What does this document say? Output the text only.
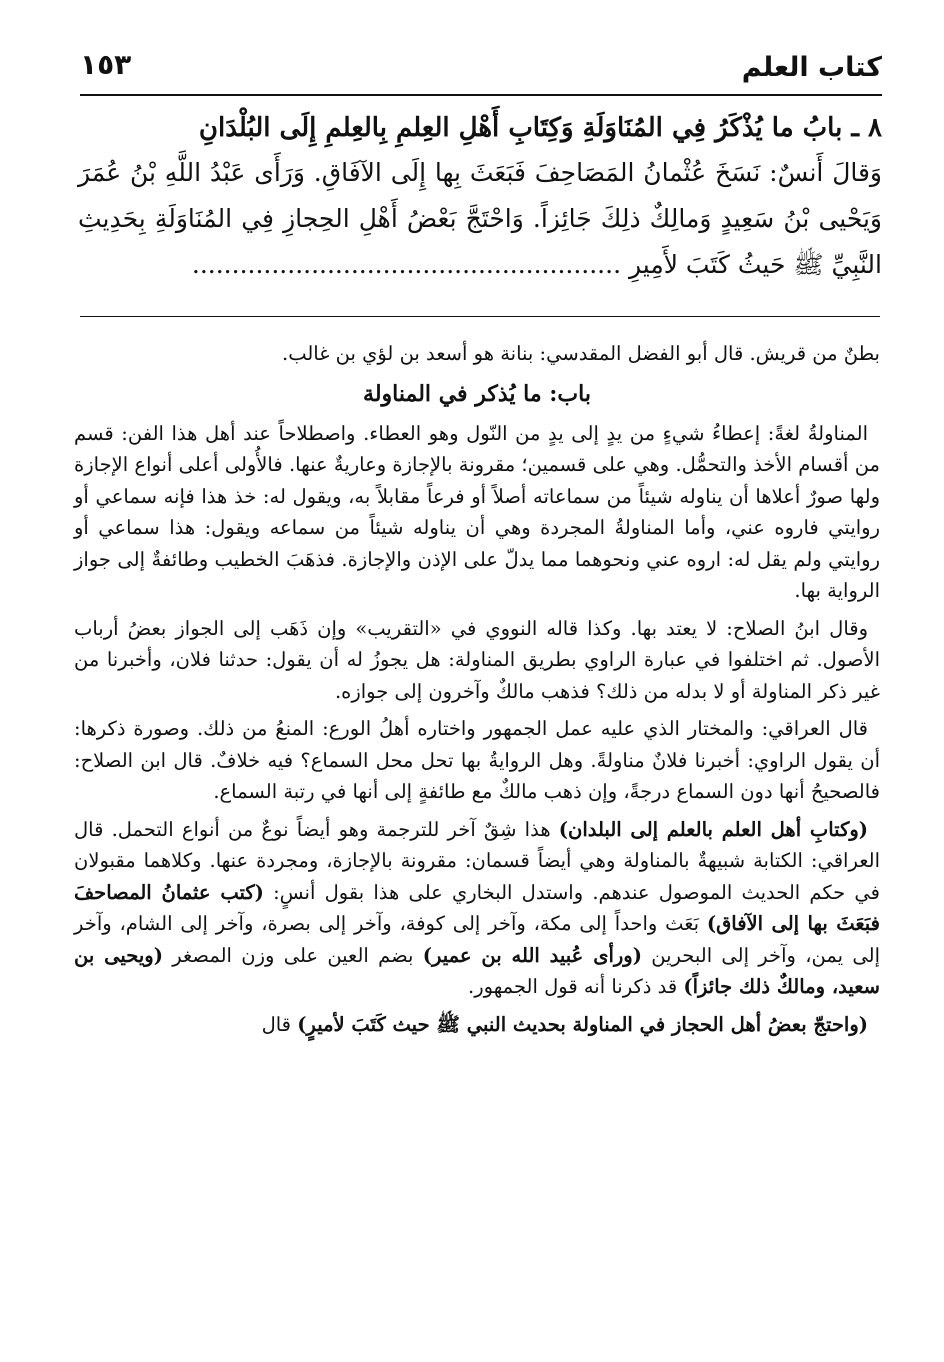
كتاب العلم
١٥٣
٨ ـ بابُ ما يُذْكَرُ فِي المُنَاوَلَةِ وَكِتَابِ أَهْلِ العِلمِ بِالعِلمِ إِلَى البُلْدَانِ
وَقالَ أَنسٌ: نَسَخَ عُثْمانُ المَصَاحِفَ فَبَعَثَ بِها إِلَى الآفَاقِ. وَرَأَى عَبْدُ اللَّهِ بْنُ عُمَرَ وَيَحْيى بْنُ سَعِيدٍ وَمالِكٌ ذلِكَ جَائِزاً. وَاحْتَجَّ بَعْضُ أَهْلِ الحِجازِ فِي المُنَاوَلَةِ بِحَدِيثِ النَّبِيِّ ﷺ حَيثُ كَتَبَ لأَمِيرِ ......................................................

بطنٌ من قريش. قال أبو الفضل المقدسي: بنانة هو أسعد بن لؤي بن غالب.

باب: ما يُذكر في المناولة

المناولةُ لغةً: إعطاءُ شيءٍ من يدٍ إلى يدٍ من النّول وهو العطاء. واصطلاحاً عند أهل هذا الفن: قسم من أقسام الأخذ والتحمُّل. وهي على قسمين؛ مقرونة بالإجازة وعاريةٌ عنها. فالأُولى أعلى أنواع الإجازة ولها صورٌ أعلاها أن يناوله شيئاً من سماعاته أصلاً أو فرعاً مقابلاً به، ويقول له: خذ هذا فإنه سماعي أو روايتي فاروه عني، وأما المناولةُ المجردة وهي أن يناوله شيئاً من سماعه ويقول: هذا سماعي أو روايتي ولم يقل له: اروه عني ونحوهما مما يدلّ على الإذن والإجازة. فذهَبَ الخطيب وطائفةٌ إلى جواز الرواية بها.

وقال ابنُ الصلاح: لا يعتد بها. وكذا قاله النووي في «التقريب» وإن ذَهَب إلى الجواز بعضُ أرباب الأصول. ثم اختلفوا في عبارة الراوي بطريق المناولة: هل يجوزُ له أن يقول: حدثنا فلان، وأخبرنا من غير ذكر المناولة أو لا بدله من ذلك؟ فذهب مالكٌ وآخرون إلى جوازه.

قال العراقي: والمختار الذي عليه عمل الجمهور واختاره أهلُ الورع: المنعُ من ذلك. وصورة ذكرها: أن يقول الراوي: أخبرنا فلانٌ مناولةً. وهل الروايةُ بها تحل محل السماع؟ فيه خلافٌ. قال ابن الصلاح: فالصحيحُ أنها دون السماع درجةً، وإن ذهب مالكٌ مع طائفةٍ إلى أنها في رتبة السماع.

(وكتابِ أهل العلم بالعلم إلى البلدان) هذا شِقٌ آخر للترجمة وهو أيضاً نوعٌ من أنواع التحمل. قال العراقي: الكتابة شبيهةٌ بالمناولة وهي أيضاً قسمان: مقرونة بالإجازة، ومجردة عنها. وكلاهما مقبولان في حكم الحديث الموصول عندهم. واستدل البخاري على هذا بقول أنسٍ: (كتب عثمانُ المصاحفَ فبَعَثَ بها إلى الآفاق) بَعَث واحداً إلى مكة، وآخر إلى كوفة، وآخر إلى بصرة، وآخر إلى الشام، وآخر إلى يمن، وآخر إلى البحرين (ورأى عُبيد الله بن عمير) بضم العين على وزن المصغر (ويحيى بن سعيد، ومالكٌ ذلك جائزاً) قد ذكرنا أنه قول الجمهور.

(واحتجّ بعضُ أهل الحجاز في المناولة بحديث النبي ﷺ حيث كَتَبَ لأميرٍ) قال
